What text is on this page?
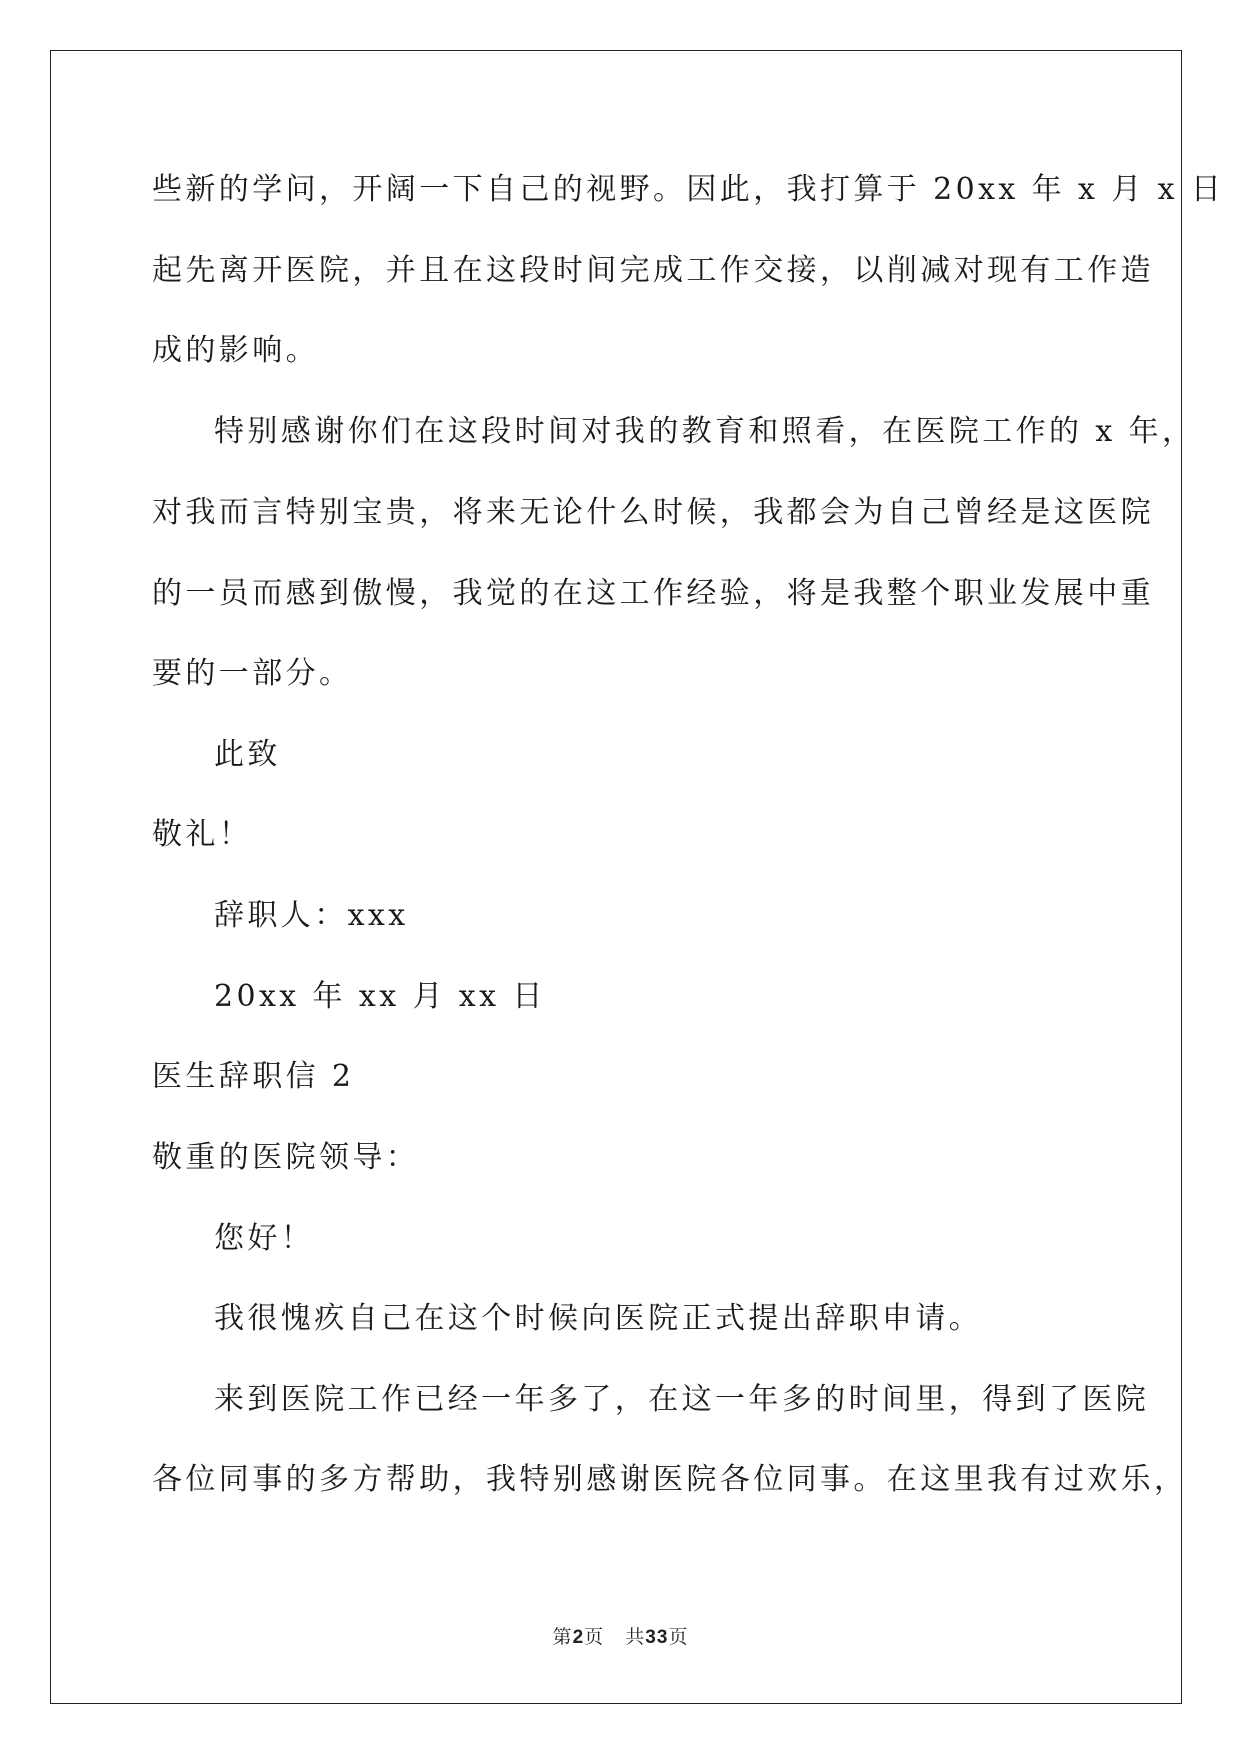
些新的学问，开阔一下自己的视野。因此，我打算于 20xx 年 x 月 x 日
起先离开医院，并且在这段时间完成工作交接，以削减对现有工作造
成的影响。
特别感谢你们在这段时间对我的教育和照看，在医院工作的 x 年，
对我而言特别宝贵，将来无论什么时候，我都会为自己曾经是这医院
的一员而感到傲慢，我觉的在这工作经验，将是我整个职业发展中重
要的一部分。
此致
敬礼！
辞职人：xxx
20xx 年 xx 月 xx 日
医生辞职信 2
敬重的医院领导：
您好！
我很愧疚自己在这个时候向医院正式提出辞职申请。
来到医院工作已经一年多了，在这一年多的时间里，得到了医院
各位同事的多方帮助，我特别感谢医院各位同事。在这里我有过欢乐，
第2页 共33页
